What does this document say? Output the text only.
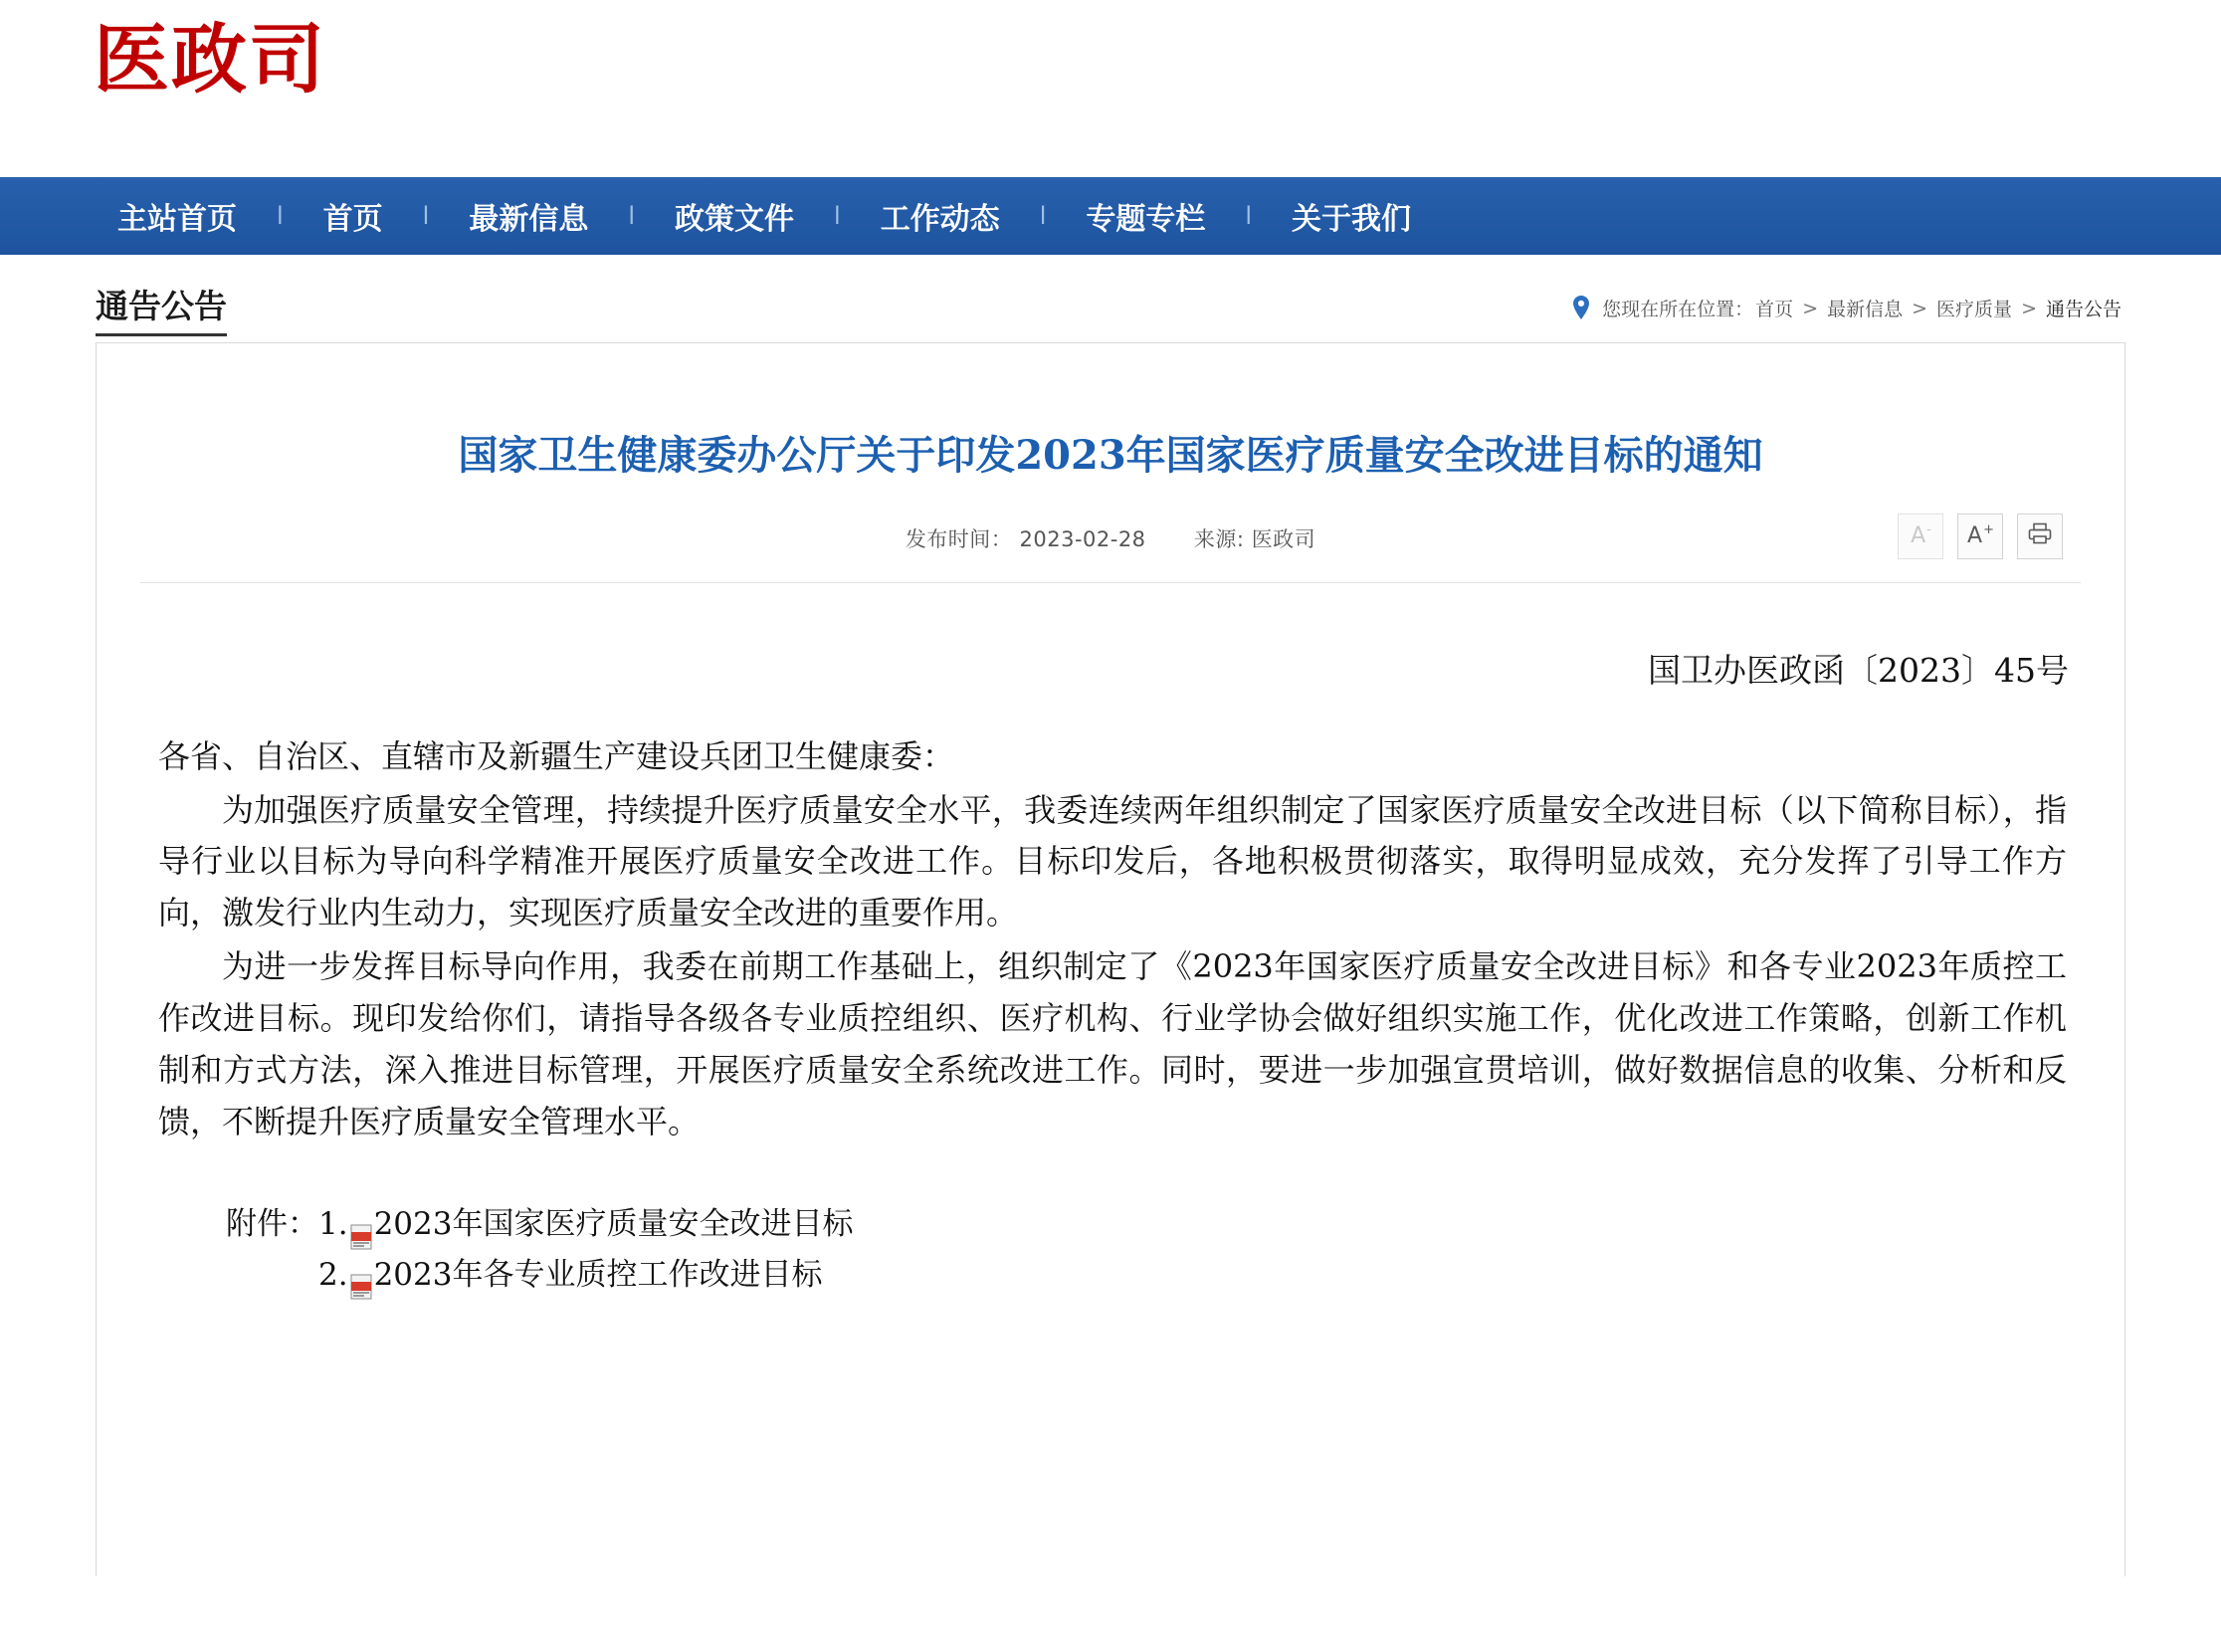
医政司
主站首页 l 首页 l 最新信息 l 政策文件 l 工作动态 l 专题专栏 l 关于我们
通告公告	您现在所在位置： 首页 > 最新信息 > 医疗质量 > 通告公告
国家卫生健康委办公厅关于印发2023年国家医疗质量安全改进目标的通知
发布时间： 2023-02-28 来源: 医政司	A- A+
国卫办医政函〔2023〕45号

各省、自治区、直辖市及新疆生产建设兵团卫生健康委：

为加强医疗质量安全管理，持续提升医疗质量安全水平，我委连续两年组织制定了国家医疗质量安全改进目标（以下简称目标），指导行业以目标为导向科学精准开展医疗质量安全改进工作。目标印发后，各地积极贯彻落实，取得明显成效，充分发挥了引导工作方向，激发行业内生动力，实现医疗质量安全改进的重要作用。

为进一步发挥目标导向作用，我委在前期工作基础上，组织制定了《2023年国家医疗质量安全改进目标》和各专业2023年质控工作改进目标。现印发给你们，请指导各级各专业质控组织、医疗机构、行业学协会做好组织实施工作，优化改进工作策略，创新工作机制和方式方法，深入推进目标管理，开展医疗质量安全系统改进工作。同时，要进一步加强宣贯培训，做好数据信息的收集、分析和反馈，不断提升医疗质量安全管理水平。

附件： 1. 2023年国家医疗质量安全改进目标
2. 2023年各专业质控工作改进目标
